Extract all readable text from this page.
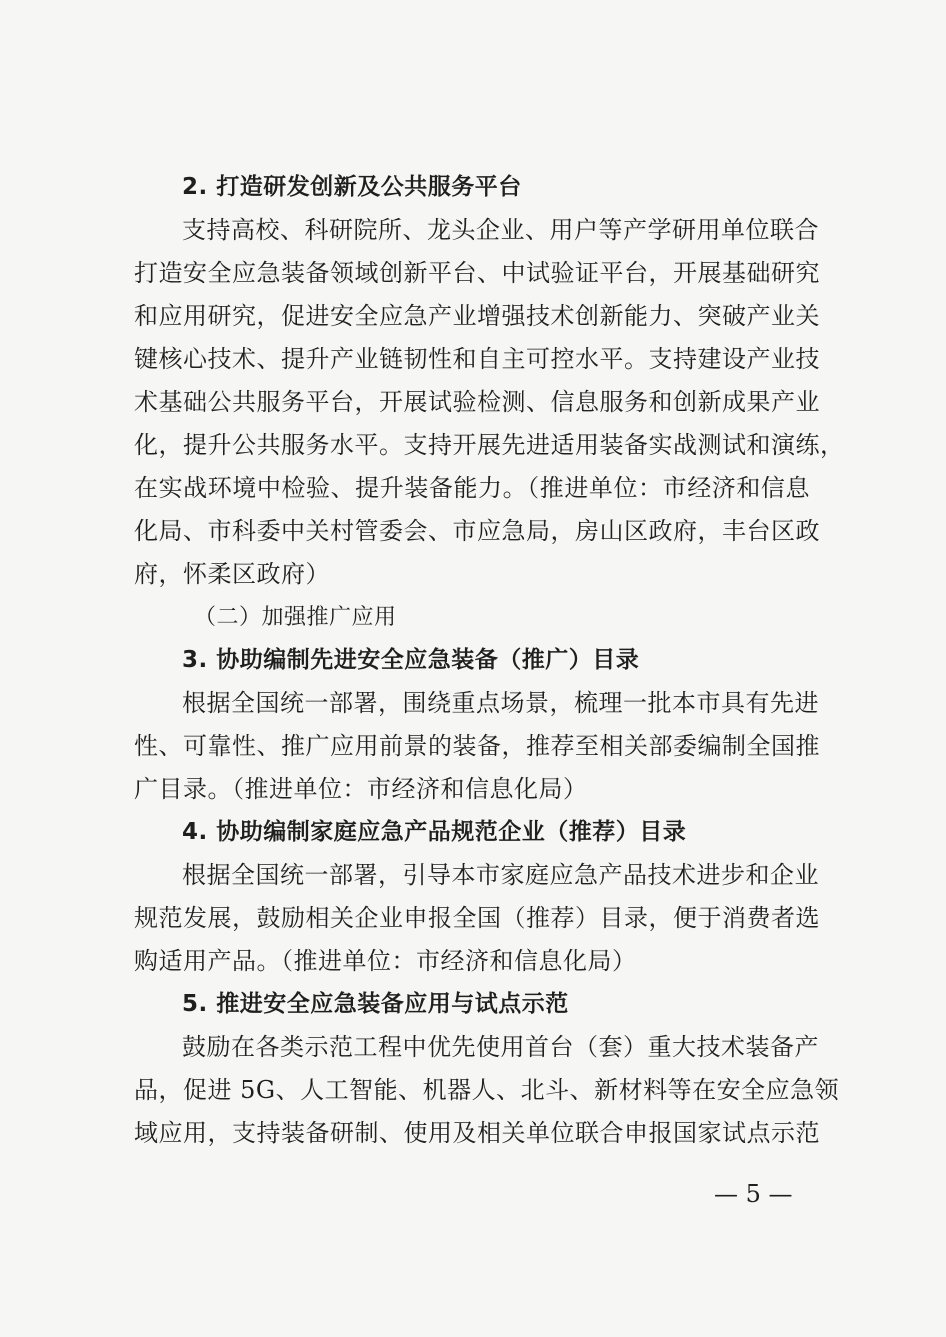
2. 打造研发创新及公共服务平台
支持高校、科研院所、龙头企业、用户等产学研用单位联合
打造安全应急装备领域创新平台、中试验证平台，开展基础研究
和应用研究，促进安全应急产业增强技术创新能力、突破产业关
键核心技术、提升产业链韧性和自主可控水平。支持建设产业技
术基础公共服务平台，开展试验检测、信息服务和创新成果产业
化，提升公共服务水平。支持开展先进适用装备实战测试和演练，
在实战环境中检验、提升装备能力。（推进单位：市经济和信息
化局、市科委中关村管委会、市应急局，房山区政府，丰台区政
府，怀柔区政府）
（二）加强推广应用
3. 协助编制先进安全应急装备（推广）目录
根据全国统一部署，围绕重点场景，梳理一批本市具有先进
性、可靠性、推广应用前景的装备，推荐至相关部委编制全国推
广目录。（推进单位：市经济和信息化局）
4. 协助编制家庭应急产品规范企业（推荐）目录
根据全国统一部署，引导本市家庭应急产品技术进步和企业
规范发展，鼓励相关企业申报全国（推荐）目录，便于消费者选
购适用产品。（推进单位：市经济和信息化局）
5. 推进安全应急装备应用与试点示范
鼓励在各类示范工程中优先使用首台（套）重大技术装备产
品，促进 5G、人工智能、机器人、北斗、新材料等在安全应急领
域应用，支持装备研制、使用及相关单位联合申报国家试点示范
— 5 —
